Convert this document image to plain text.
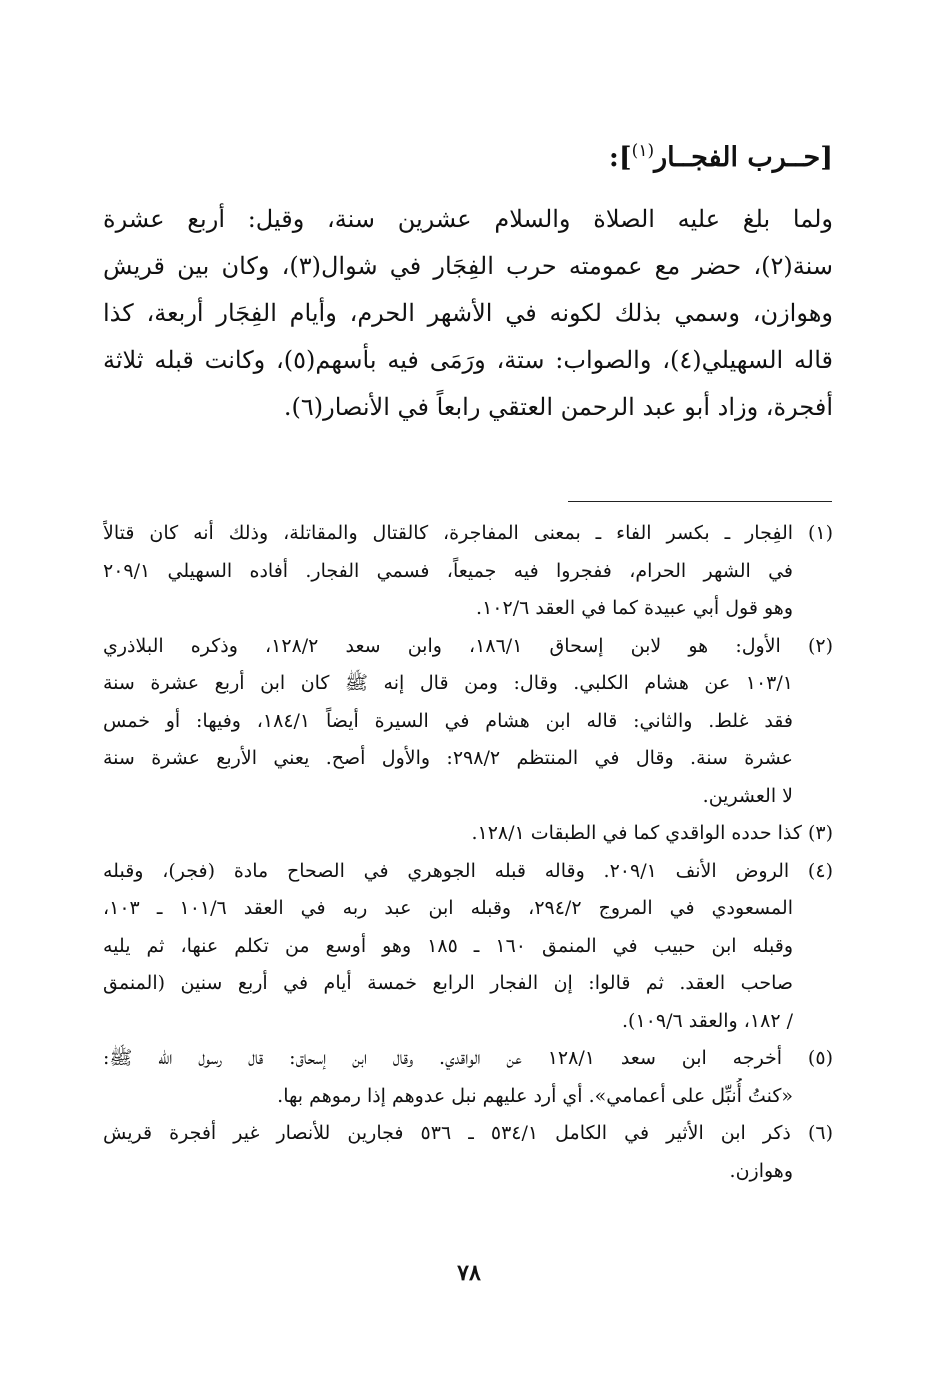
[حــرب الفجــار$^{(١)}$]:
ولما بلغ عليه الصلاة والسلام عشرين سنة، وقيل: أربع عشرة
سنة(٢)، حضر مع عمومته حرب الفِجَار في شوال(٣)، وكان بين قريش
وهوازن، وسمي بذلك لكونه في الأشهر الحرم، وأيام الفِجَار أربعة، كذا
قاله السهيلي(٤)، والصواب: ستة، ورَمَى فيه بأسهم(٥)، وكانت قبله ثلاثة
أفجرة، وزاد أبو عبد الرحمن العتقي رابعاً في الأنصار(٦).
(١) الفِجار ـ بكسر الفاء ـ بمعنى المفاجرة، كالقتال والمقاتلة، وذلك أنه كان قتالاً
في الشهر الحرام، ففجروا فيه جميعاً، فسمي الفجار. أفاده السهيلي ٢٠٩/١
وهو قول أبي عبيدة كما في العقد ١٠٢/٦.
(٢) الأول: هو لابن إسحاق ١٨٦/١، وابن سعد ١٢٨/٢، وذكره البلاذري
١٠٣/١ عن هشام الكلبي. وقال: ومن قال إنه ﷺ كان ابن أربع عشرة سنة
فقد غلط. والثاني: قاله ابن هشام في السيرة أيضاً ١٨٤/١، وفيها: أو خمس
عشرة سنة. وقال في المنتظم ٢٩٨/٢: والأول أصح. يعني الأربع عشرة سنة
لا العشرين.
(٣) كذا حدده الواقدي كما في الطبقات ١٢٨/١.
(٤) الروض الأنف ٢٠٩/١. وقاله قبله الجوهري في الصحاح مادة (فجر)، وقبله
المسعودي في المروج ٢٩٤/٢، وقبله ابن عبد ربه في العقد ١٠١/٦ ـ ١٠٣،
وقبله ابن حبيب في المنمق ١٦٠ ـ ١٨٥ وهو أوسع من تكلم عنها، ثم يليه
صاحب العقد. ثم قالوا: إن الفجار الرابع خمسة أيام في أربع سنين (المنمق
/ ١٨٢، والعقد ١٠٩/٦).
(٥) أخرجه ابن سعد ١٢٨/١ عن الواقدي. وقال ابن إسحاق: قال رسول الله ﷺ:
«كنتُ أُنبِّل على أعمامي». أي أرد عليهم نبل عدوهم إذا رموهم بها.
(٦) ذكر ابن الأثير في الكامل ٥٣٤/١ ـ ٥٣٦ فجارين للأنصار غير أفجرة قريش
وهوازن.
٧٨
